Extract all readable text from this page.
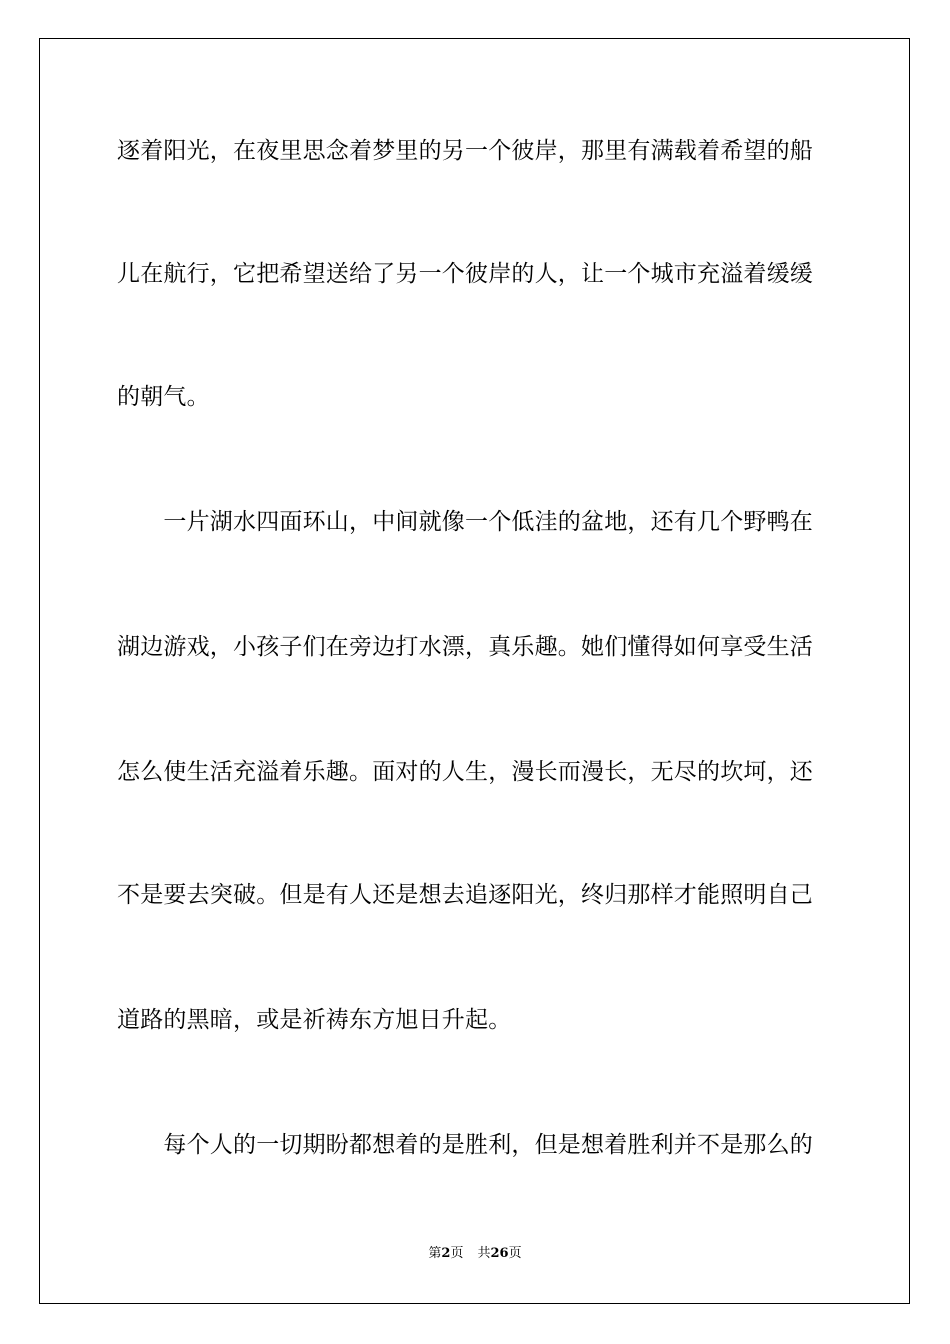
逐着阳光，在夜里思念着梦里的另一个彼岸，那里有满载着希望的船
儿在航行，它把希望送给了另一个彼岸的人，让一个城市充溢着缓缓
的朝气。
　　一片湖水四面环山，中间就像一个低洼的盆地，还有几个野鸭在
湖边游戏，小孩子们在旁边打水漂，真乐趣。她们懂得如何享受生活
怎么使生活充溢着乐趣。面对的人生，漫长而漫长，无尽的坎坷，还
不是要去突破。但是有人还是想去追逐阳光，终归那样才能照明自己
道路的黑暗，或是祈祷东方旭日升起。
　　每个人的一切期盼都想着的是胜利，但是想着胜利并不是那么的
第2页 共26页
